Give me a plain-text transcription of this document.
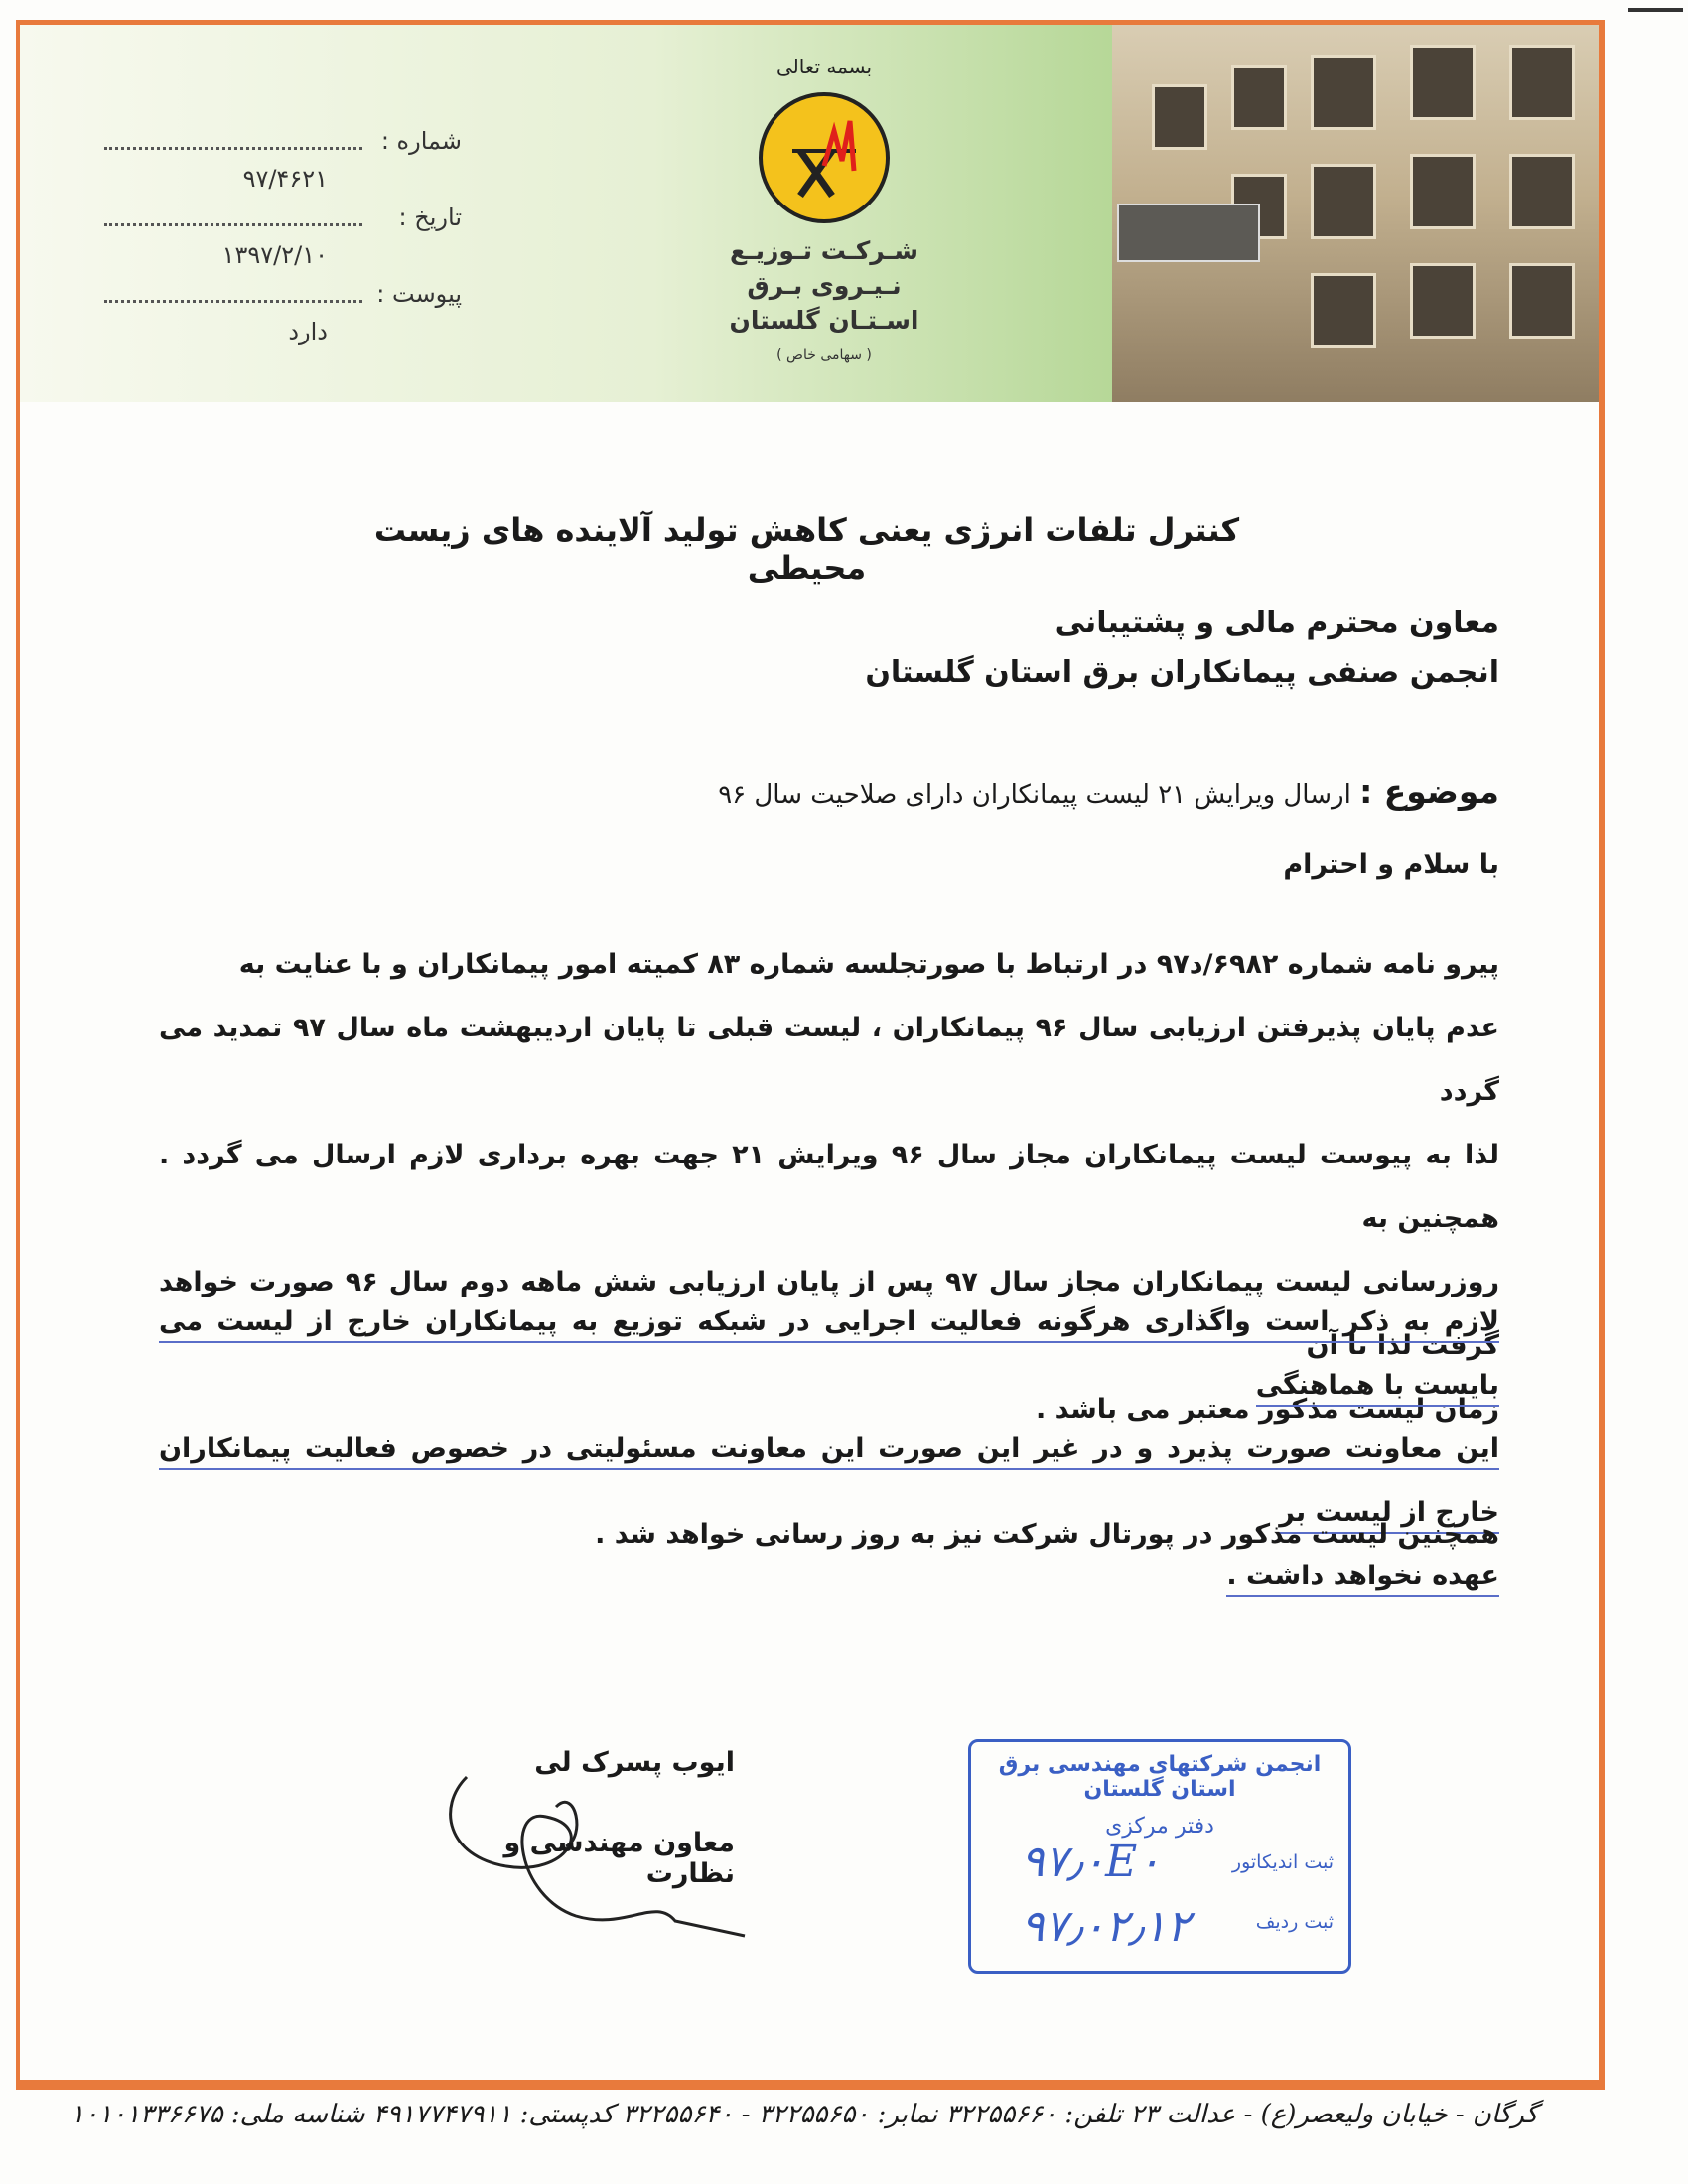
بسمه تعالی
شـرکـت تـوزیـع نـیـروی بـرق
اسـتـان گلستان
( سهامی خاص )
شماره :
۹۷/۴۶۲۱
تاریخ :
۱۳۹۷/۲/۱۰
پیوست :
دارد
کنترل تلفات انرژی یعنی کاهش تولید آلاینده های زیست محیطی
معاون محترم مالی و پشتیبانی
انجمن صنفی پیمانکاران برق استان گلستان
موضوع : ارسال ویرایش ۲۱ لیست پیمانکاران دارای صلاحیت سال ۹۶
با سلام و احترام
پیرو نامه شماره ۶۹۸۲/د۹۷ در ارتباط با صورتجلسه شماره ۸۳ کمیته امور پیمانکاران و با عنایت به
عدم پایان پذیرفتن ارزیابی سال ۹۶ پیمانکاران ، لیست قبلی تا پایان اردیبهشت ماه سال ۹۷ تمدید می گردد
لذا به پیوست لیست پیمانکاران مجاز سال ۹۶ ویرایش ۲۱ جهت بهره برداری لازم ارسال می گردد . همچنین به
روزرسانی لیست پیمانکاران مجاز سال ۹۷ پس از پایان ارزیابی شش ماهه دوم سال ۹۶ صورت خواهد گرفت لذا تا آن
زمان لیست مذکور معتبر می باشد .
لازم به ذکر است واگذاری هرگونه فعالیت اجرایی در شبکه توزیع به پیمانکاران خارج از لیست می بایست با هماهنگی
این معاونت صورت پذیرد و در غیر این صورت این معاونت مسئولیتی در خصوص فعالیت پیمانکاران خارج از لیست بر
عهده نخواهد داشت .
همچنین لیست مذکور در پورتال شرکت نیز به روز رسانی خواهد شد .
ایوب پسرک لی
معاون مهندسی و نظارت
انجمن شرکتهای مهندسی برق استان گلستان
دفتر مرکزی
ثبت اندیکاتور
۹۷٫۰E۰
ثبت ردیف
۹۷٫۰۲٫۱۲
گرگان - خیابان ولیعصر(ع) - عدالت ۲۳ تلفن: ۳۲۲۵۵۶۶۰ نمابر: ۳۲۲۵۵۶۵۰ - ۳۲۲۵۵۶۴۰ کدپستی: ۴۹۱۷۷۴۷۹۱۱ شناسه ملی: ۱۰۱۰۱۳۳۶۶۷۵
